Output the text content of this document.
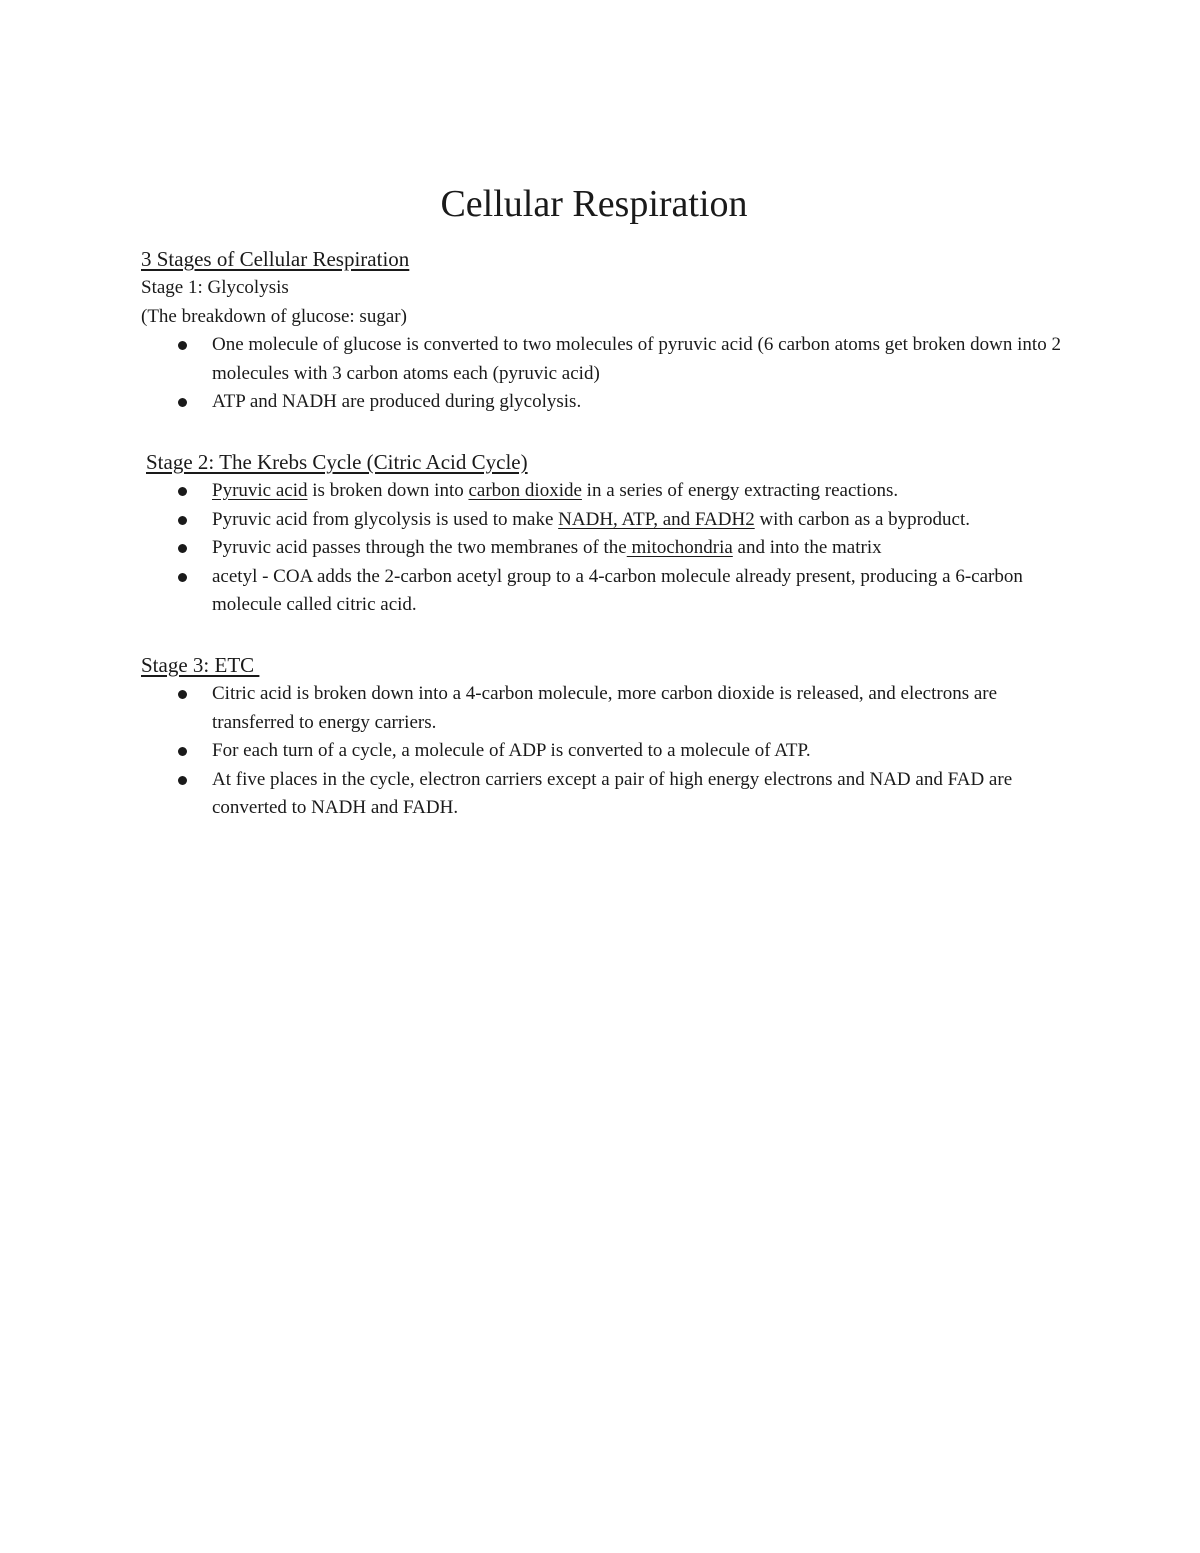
Cellular Respiration

3 Stages of Cellular Respiration

Stage 1: Glycolysis

(The breakdown of glucose: sugar)

One molecule of glucose is converted to two molecules of pyruvic acid (6 carbon atoms get broken down into 2 molecules with 3 carbon atoms each (pyruvic acid)
ATP and NADH are produced during glycolysis.

Stage 2: The Krebs Cycle (Citric Acid Cycle)

Pyruvic acid is broken down into carbon dioxide in a series of energy extracting reactions.
Pyruvic acid from glycolysis is used to make NADH, ATP, and FADH2 with carbon as a byproduct.
Pyruvic acid passes through the two membranes of the mitochondria and into the matrix
acetyl - COA adds the 2-carbon acetyl group to a 4-carbon molecule already present, producing a 6-carbon molecule called citric acid.

Stage 3: ETC

Citric acid is broken down into a 4-carbon molecule, more carbon dioxide is released, and electrons are transferred to energy carriers.
For each turn of a cycle, a molecule of ADP is converted to a molecule of ATP.
At five places in the cycle, electron carriers except a pair of high energy electrons and NAD and FAD are converted to NADH and FADH.
